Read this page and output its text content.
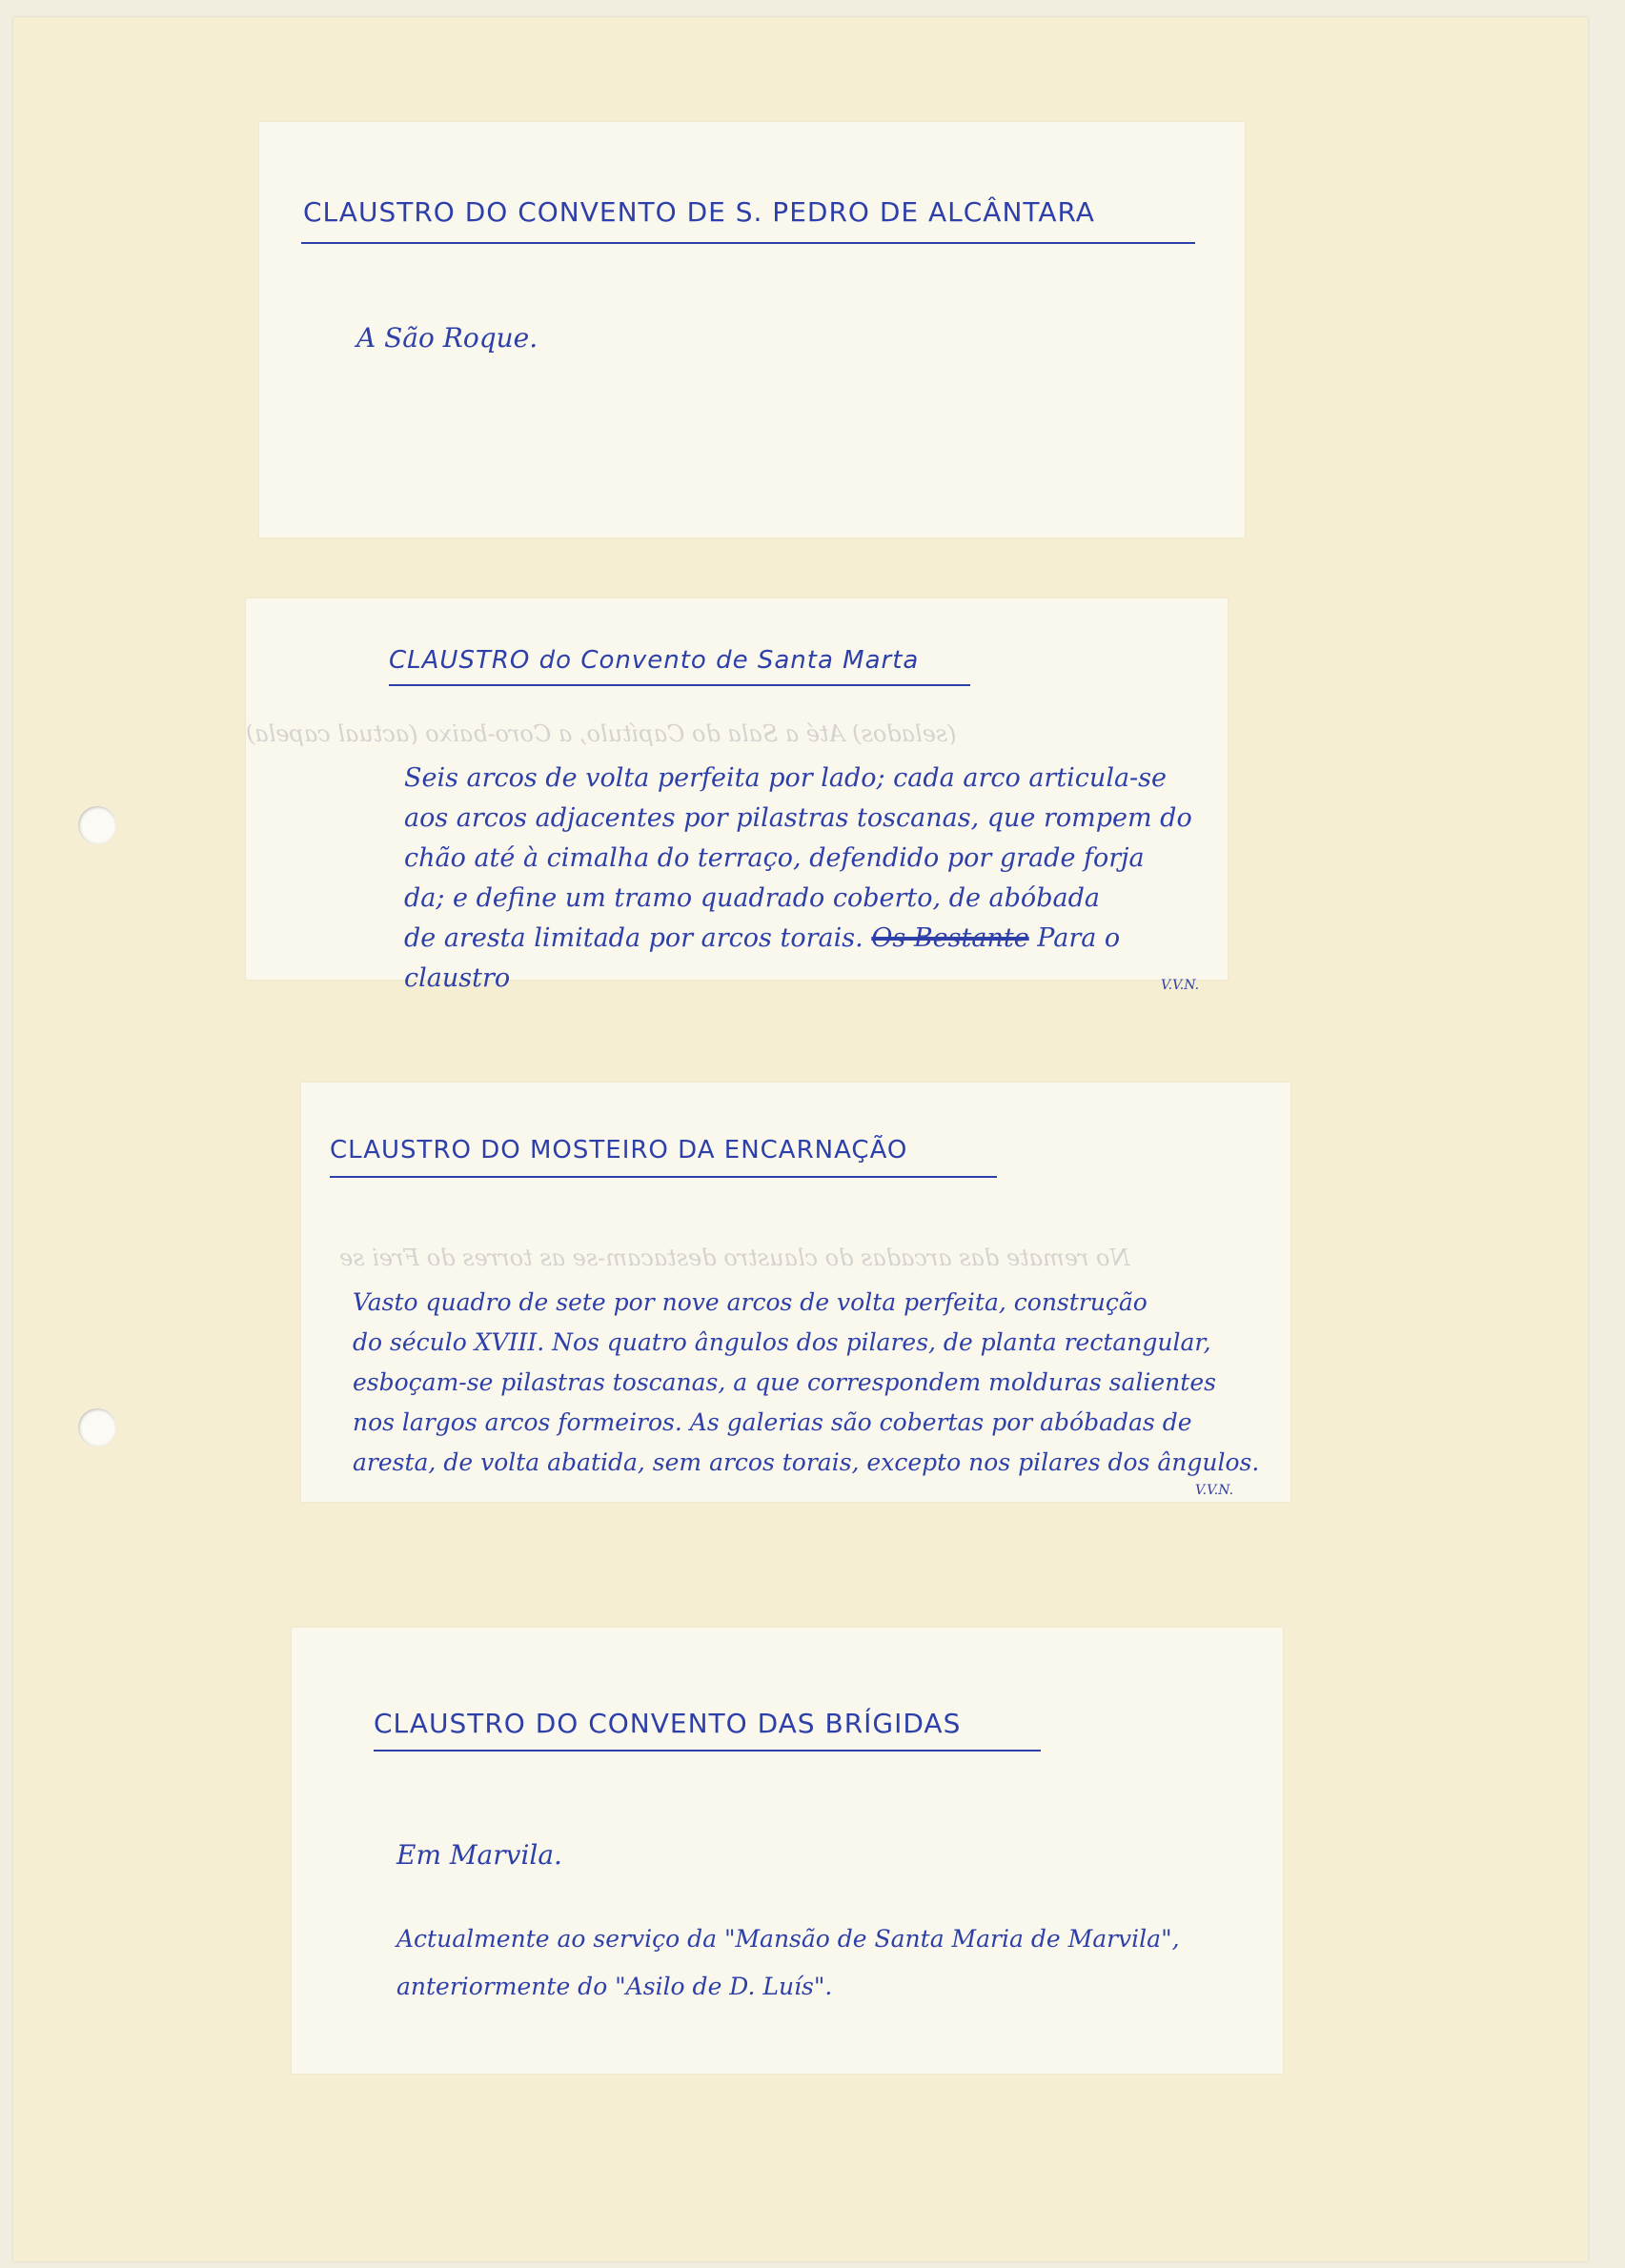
CLAUSTRO DO CONVENTO DE S. PEDRO DE ALCÂNTARA
A São Roque.
(selados) Até a Sala do Capítulo, a Coro-baixo (actual capela)
CLAUSTRO do Convento de Santa Marta
Seis arcos de volta perfeita por lado; cada arco articula-se
aos arcos adjacentes por pilastras toscanas, que rompem do
chão até à cimalha do terraço, defendido por grade forja
da; e define um tramo quadrado coberto, de abóbada
de aresta limitada por arcos torais. Os Bestante Para o claustro	V.V.N.
No remate das arcadas do claustro destacam-se as torres do Frei se
CLAUSTRO DO MOSTEIRO DA ENCARNAÇÃO
Vasto quadro de sete por nove arcos de volta perfeita, construção
do século XVIII. Nos quatro ângulos dos pilares, de planta rectangular,
esboçam-se pilastras toscanas, a que correspondem molduras salientes
nos largos arcos formeiros. As galerias são cobertas por abóbadas de
aresta, de volta abatida, sem arcos torais, excepto nos pilares dos ângulos.
V.V.N.
CLAUSTRO DO CONVENTO DAS BRÍGIDAS
Em Marvila.
Actualmente ao serviço da "Mansão de Santa Maria de Marvila",
anteriormente do "Asilo de D. Luís".
